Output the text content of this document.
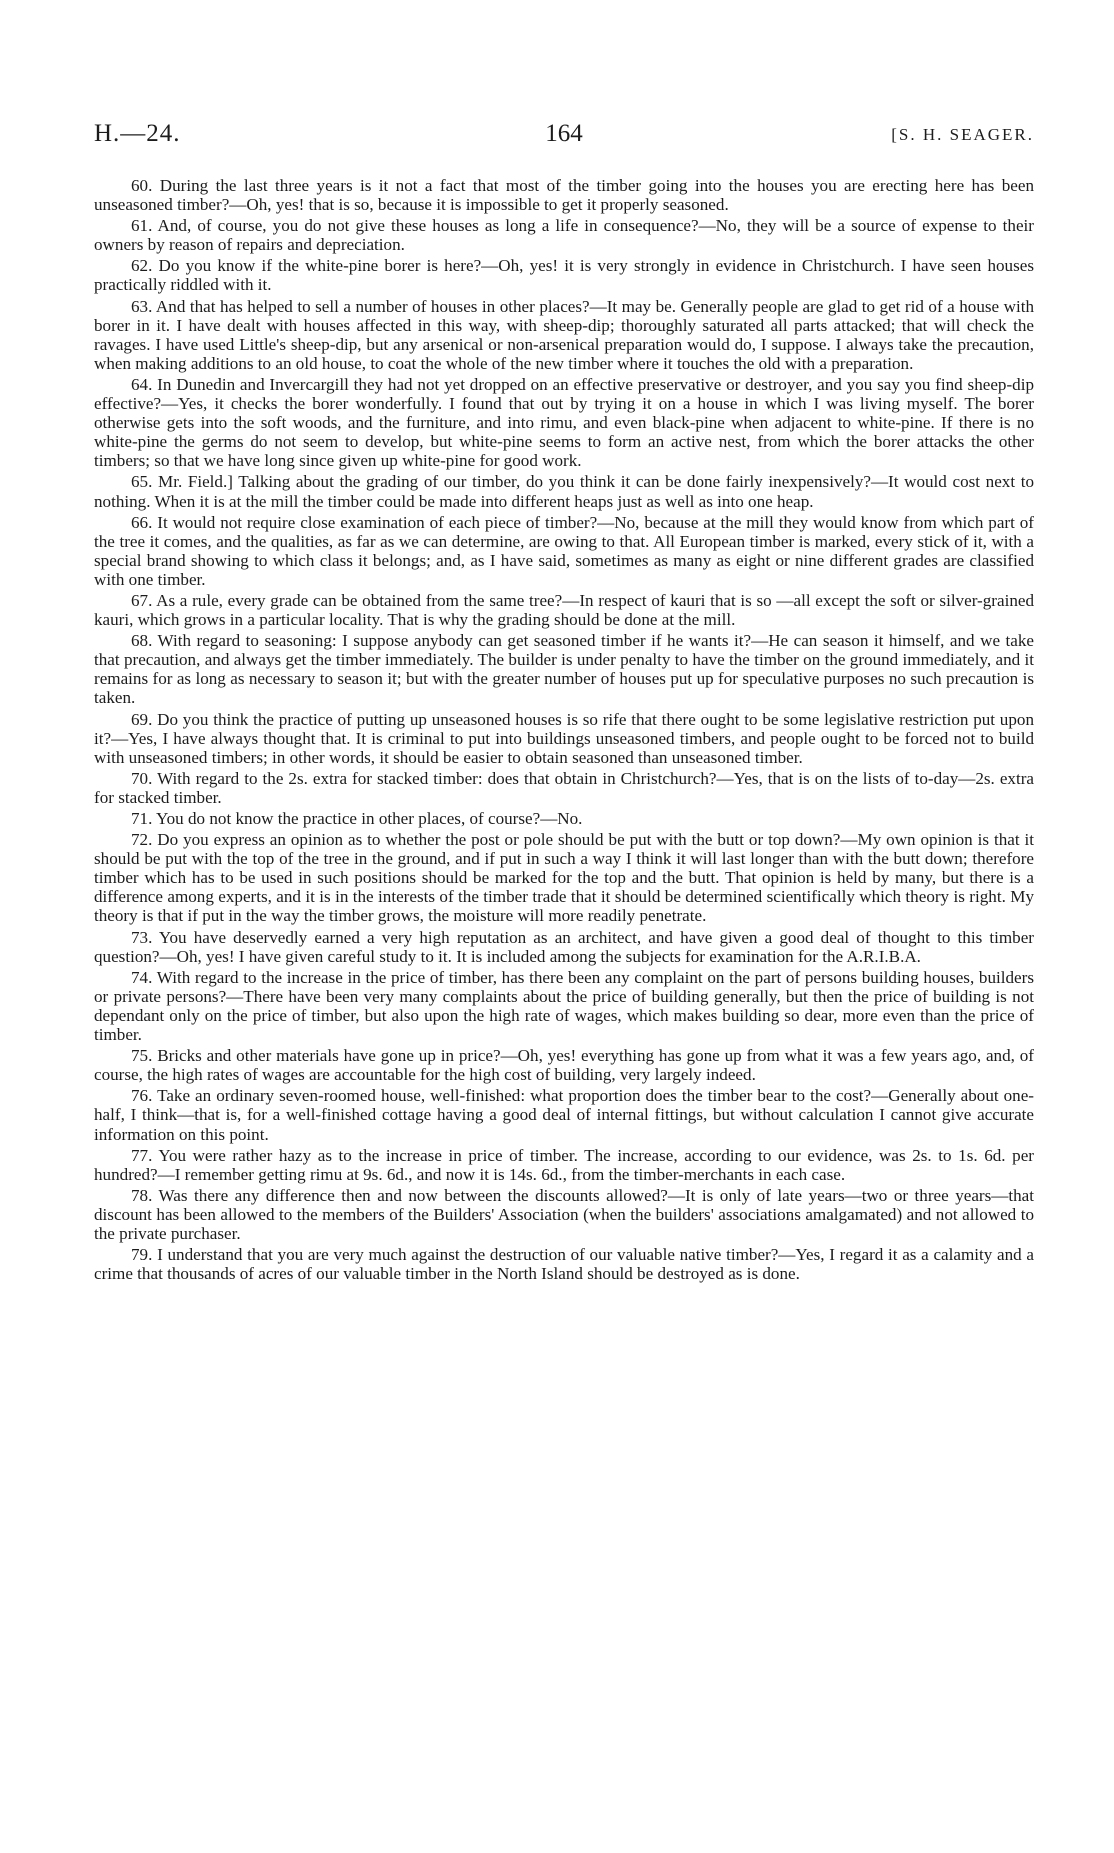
H.—24.	164	[S. H. SEAGER.

60. During the last three years is it not a fact that most of the timber going into the houses you are erecting here has been unseasoned timber?—Oh, yes! that is so, because it is impossible to get it properly seasoned.

61. And, of course, you do not give these houses as long a life in consequence?—No, they will be a source of expense to their owners by reason of repairs and depreciation.

62. Do you know if the white-pine borer is here?—Oh, yes! it is very strongly in evidence in Christchurch. I have seen houses practically riddled with it.

63. And that has helped to sell a number of houses in other places?—It may be. Generally people are glad to get rid of a house with borer in it. I have dealt with houses affected in this way, with sheep-dip; thoroughly saturated all parts attacked; that will check the ravages. I have used Little's sheep-dip, but any arsenical or non-arsenical preparation would do, I suppose. I always take the precaution, when making additions to an old house, to coat the whole of the new timber where it touches the old with a preparation.

64. In Dunedin and Invercargill they had not yet dropped on an effective preservative or destroyer, and you say you find sheep-dip effective?—Yes, it checks the borer wonderfully. I found that out by trying it on a house in which I was living myself. The borer otherwise gets into the soft woods, and the furniture, and into rimu, and even black-pine when adjacent to white-pine. If there is no white-pine the germs do not seem to develop, but white-pine seems to form an active nest, from which the borer attacks the other timbers; so that we have long since given up white-pine for good work.

65. Mr. Field.] Talking about the grading of our timber, do you think it can be done fairly inexpensively?—It would cost next to nothing. When it is at the mill the timber could be made into different heaps just as well as into one heap.

66. It would not require close examination of each piece of timber?—No, because at the mill they would know from which part of the tree it comes, and the qualities, as far as we can determine, are owing to that. All European timber is marked, every stick of it, with a special brand showing to which class it belongs; and, as I have said, sometimes as many as eight or nine different grades are classified with one timber.

67. As a rule, every grade can be obtained from the same tree?—In respect of kauri that is so —all except the soft or silver-grained kauri, which grows in a particular locality. That is why the grading should be done at the mill.

68. With regard to seasoning: I suppose anybody can get seasoned timber if he wants it?—He can season it himself, and we take that precaution, and always get the timber immediately. The builder is under penalty to have the timber on the ground immediately, and it remains for as long as necessary to season it; but with the greater number of houses put up for speculative purposes no such precaution is taken.

69. Do you think the practice of putting up unseasoned houses is so rife that there ought to be some legislative restriction put upon it?—Yes, I have always thought that. It is criminal to put into buildings unseasoned timbers, and people ought to be forced not to build with unseasoned timbers; in other words, it should be easier to obtain seasoned than unseasoned timber.

70. With regard to the 2s. extra for stacked timber: does that obtain in Christchurch?—Yes, that is on the lists of to-day—2s. extra for stacked timber.

71. You do not know the practice in other places, of course?—No.

72. Do you express an opinion as to whether the post or pole should be put with the butt or top down?—My own opinion is that it should be put with the top of the tree in the ground, and if put in such a way I think it will last longer than with the butt down; therefore timber which has to be used in such positions should be marked for the top and the butt. That opinion is held by many, but there is a difference among experts, and it is in the interests of the timber trade that it should be determined scientifically which theory is right. My theory is that if put in the way the timber grows, the moisture will more readily penetrate.

73. You have deservedly earned a very high reputation as an architect, and have given a good deal of thought to this timber question?—Oh, yes! I have given careful study to it. It is included among the subjects for examination for the A.R.I.B.A.

74. With regard to the increase in the price of timber, has there been any complaint on the part of persons building houses, builders or private persons?—There have been very many complaints about the price of building generally, but then the price of building is not dependant only on the price of timber, but also upon the high rate of wages, which makes building so dear, more even than the price of timber.

75. Bricks and other materials have gone up in price?—Oh, yes! everything has gone up from what it was a few years ago, and, of course, the high rates of wages are accountable for the high cost of building, very largely indeed.

76. Take an ordinary seven-roomed house, well-finished: what proportion does the timber bear to the cost?—Generally about one-half, I think—that is, for a well-finished cottage having a good deal of internal fittings, but without calculation I cannot give accurate information on this point.

77. You were rather hazy as to the increase in price of timber. The increase, according to our evidence, was 2s. to 1s. 6d. per hundred?—I remember getting rimu at 9s. 6d., and now it is 14s. 6d., from the timber-merchants in each case.

78. Was there any difference then and now between the discounts allowed?—It is only of late years—two or three years—that discount has been allowed to the members of the Builders' Association (when the builders' associations amalgamated) and not allowed to the private purchaser.

79. I understand that you are very much against the destruction of our valuable native timber?—Yes, I regard it as a calamity and a crime that thousands of acres of our valuable timber in the North Island should be destroyed as is done.
